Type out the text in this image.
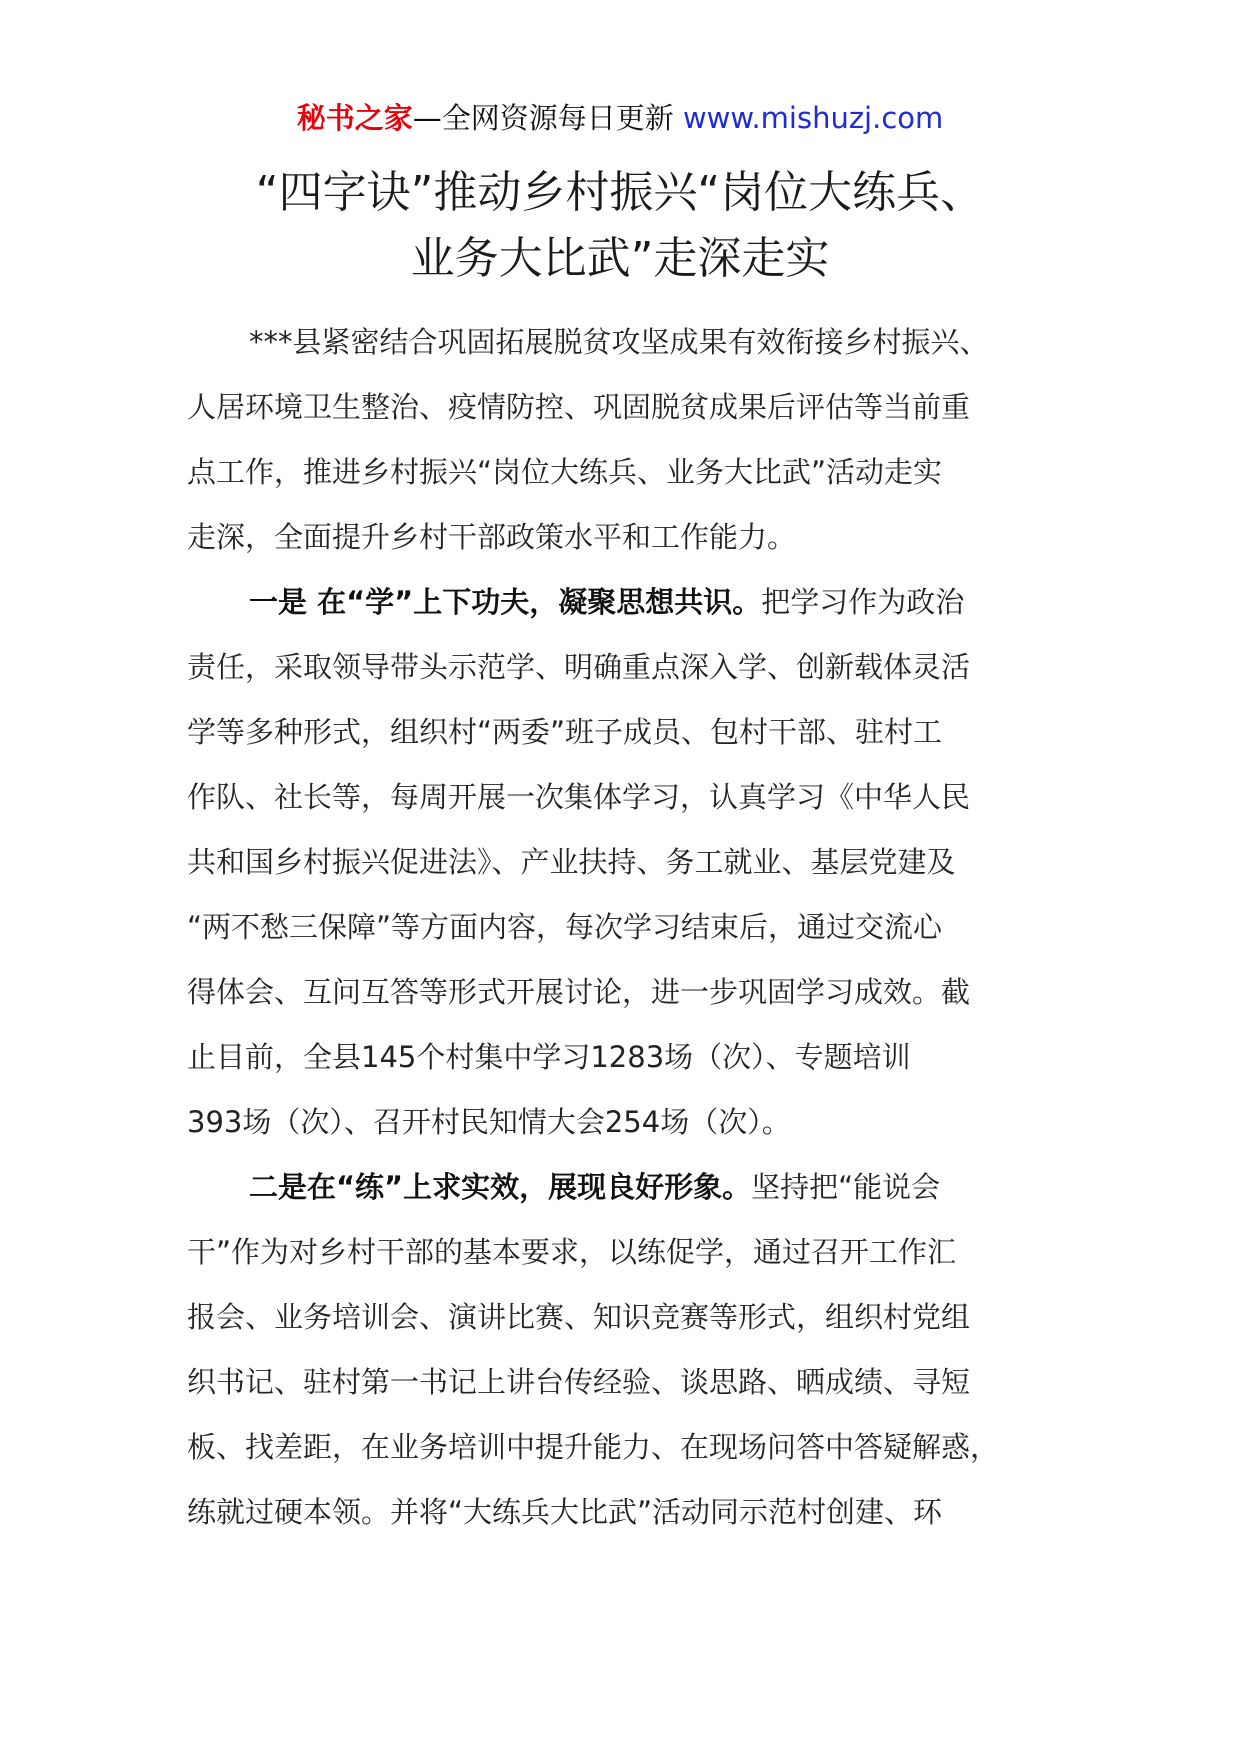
秘书之家—全网资源每日更新 www.mishuzj.com
“四字诀”推动乡村振兴“岗位大练兵、
业务大比武”走深走实
***县紧密结合巩固拓展脱贫攻坚成果有效衔接乡村振兴、
人居环境卫生整治、疫情防控、巩固脱贫成果后评估等当前重
点工作，推进乡村振兴“岗位大练兵、业务大比武”活动走实
走深，全面提升乡村干部政策水平和工作能力。
一是 在“学”上下功夫，凝聚思想共识。把学习作为政治
责任，采取领导带头示范学、明确重点深入学、创新载体灵活
学等多种形式，组织村“两委”班子成员、包村干部、驻村工
作队、社长等，每周开展一次集体学习，认真学习《中华人民
共和国乡村振兴促进法》、产业扶持、务工就业、基层党建及
“两不愁三保障”等方面内容，每次学习结束后，通过交流心
得体会、互问互答等形式开展讨论，进一步巩固学习成效。截
止目前，全县145个村集中学习1283场（次）、专题培训
393场（次）、召开村民知情大会254场（次）。
二是在“练”上求实效，展现良好形象。坚持把“能说会
干”作为对乡村干部的基本要求，以练促学，通过召开工作汇
报会、业务培训会、演讲比赛、知识竞赛等形式，组织村党组
织书记、驻村第一书记上讲台传经验、谈思路、晒成绩、寻短
板、找差距，在业务培训中提升能力、在现场问答中答疑解惑，
练就过硬本领。并将“大练兵大比武”活动同示范村创建、环
